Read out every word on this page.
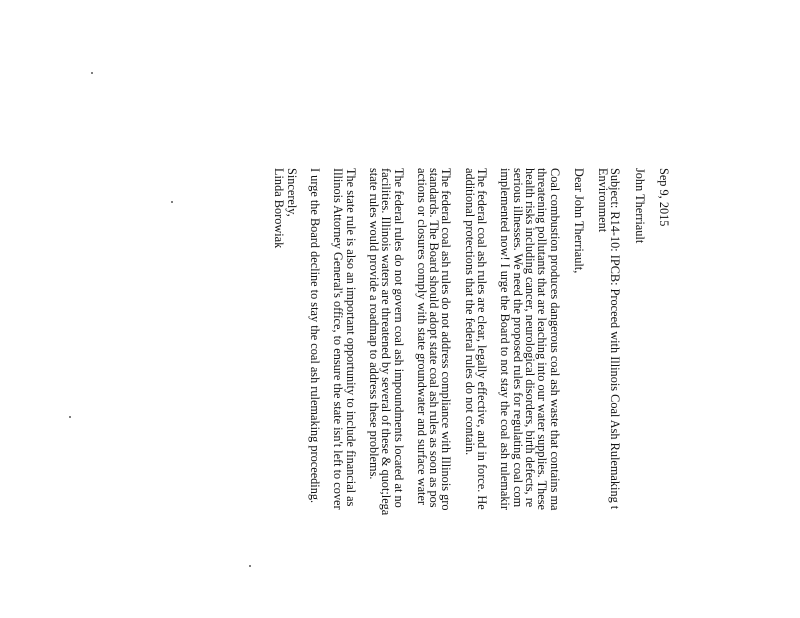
Sep 9, 2015
John Therriault
Subject: R14-10: IPCB: Proceed with Illinois Coal Ash Rulemaking t
Environment
Dear John Therriault,
Coal combustion produces dangerous coal ash waste that contains ma
threatening pollutants that are leaching into our water supplies. These
health risks including cancer, neurological disorders, birth defects, re
serious illnesses. We need the proposed rules for regulating coal com
implemented now! I urge the Board to not stay the coal ash rulemakir
The federal coal ash rules are clear, legally effective, and in force. He
additional protections that the federal rules do not contain.
The federal coal ash rules do not address compliance with Illinois gro
standards. The Board should adopt state coal ash rules as soon as pos
actions or closures comply with state groundwater and surface water
The federal rules do not govern coal ash impoundments located at no
facilities. Illinois waters are threatened by several of these & quot;lega
state rules would provide a roadmap to address these problems.
The state rule is also an important opportunity to include financial as
Illinois Attorney General's office, to ensure the state isn't left to cover
I urge the Board decline to stay the coal ash rulemaking proceeding.
Sincerely,
Linda Borowiak
